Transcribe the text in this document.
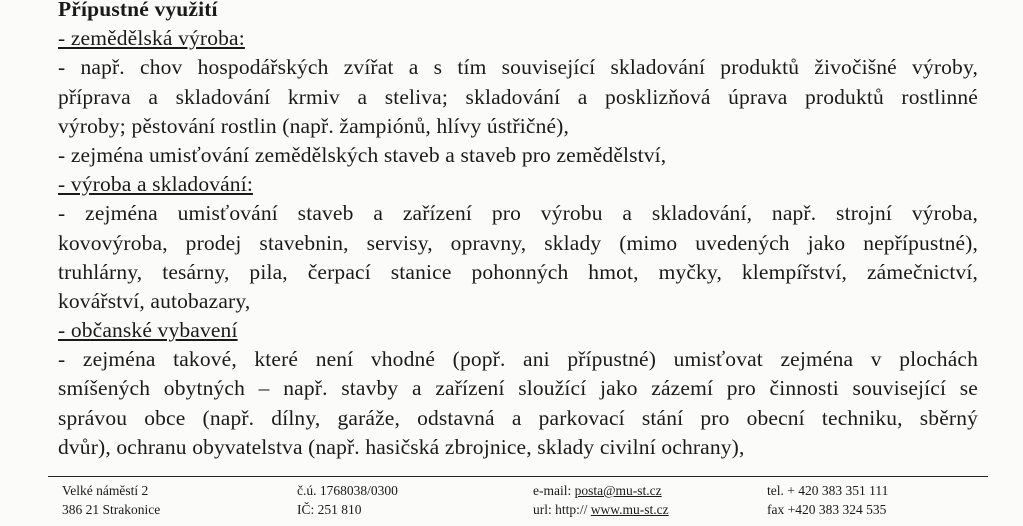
Přípustné využití
- zemědělská výroba:
- např. chov hospodářských zvířat a s tím související skladování produktů živočišné výroby,
příprava a skladování krmiv a steliva; skladování a posklizňová úprava produktů rostlinné
výroby; pěstování rostlin (např. žampiónů, hlívy ústřičné),
- zejména umisťování zemědělských staveb a staveb pro zemědělství,
- výroba a skladování:
- zejména umisťování staveb a zařízení pro výrobu a skladování, např. strojní výroba,
kovovýroba, prodej stavebnin, servisy, opravny, sklady (mimo uvedených jako nepřípustné),
truhlárny, tesárny, pila, čerpací stanice pohonných hmot, myčky, klempířství, zámečnictví,
kovářství, autobazary,
- občanské vybavení
- zejména takové, které není vhodné (popř. ani přípustné) umisťovat zejména v plochách
smíšených obytných – např. stavby a zařízení sloužící jako zázemí pro činnosti související se
správou obce (např. dílny, garáže, odstavná a parkovací stání pro obecní techniku, sběrný
dvůr), ochranu obyvatelstva (např. hasičská zbrojnice, sklady civilní ochrany),
Velké náměstí 2
386 21 Strakonice
č.ú. 1768038/0300
IČ: 251 810
e-mail: posta@mu-st.cz
url: http:// www.mu-st.cz
tel. + 420 383 351 111
fax +420 383 324 535
